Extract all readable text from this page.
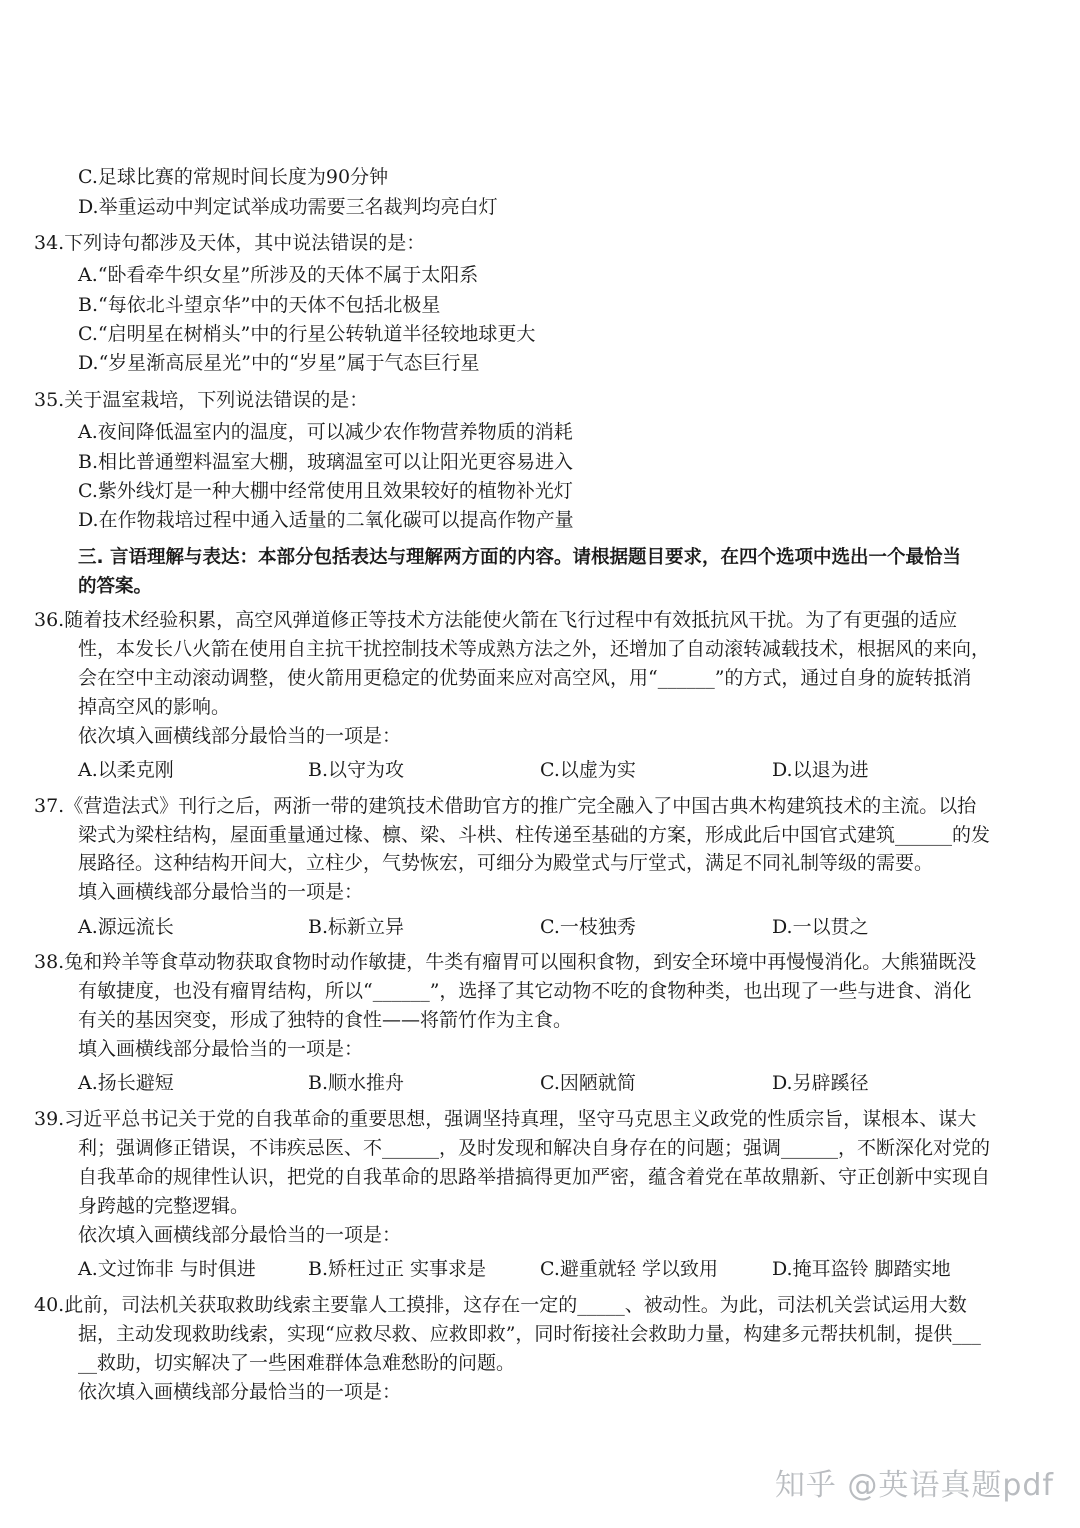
C.足球比赛的常规时间长度为90分钟
D.举重运动中判定试举成功需要三名裁判均亮白灯
34.下列诗句都涉及天体，其中说法错误的是：
A.“卧看牵牛织女星”所涉及的天体不属于太阳系
B.“每依北斗望京华”中的天体不包括北极星
C.“启明星在树梢头”中的行星公转轨道半径较地球更大
D.“岁星渐高辰星光”中的“岁星”属于气态巨行星
35.关于温室栽培，下列说法错误的是：
A.夜间降低温室内的温度，可以减少农作物营养物质的消耗
B.相比普通塑料温室大棚，玻璃温室可以让阳光更容易进入
C.紫外线灯是一种大棚中经常使用且效果较好的植物补光灯
D.在作物栽培过程中通入适量的二氧化碳可以提高作物产量
三. 言语理解与表达：本部分包括表达与理解两方面的内容。请根据题目要求，在四个选项中选出一个最恰当
的答案。
36.随着技术经验积累，高空风弹道修正等技术方法能使火箭在飞行过程中有效抵抗风干扰。为了有更强的适应
性，本发长八火箭在使用自主抗干扰控制技术等成熟方法之外，还增加了自动滚转减载技术，根据风的来向，
会在空中主动滚动调整，使火箭用更稳定的优势面来应对高空风，用“______”的方式，通过自身的旋转抵消
掉高空风的影响。
依次填入画横线部分最恰当的一项是：
A.以柔克刚	B.以守为攻	C.以虚为实	D.以退为进
37.《营造法式》刊行之后，两浙一带的建筑技术借助官方的推广完全融入了中国古典木构建筑技术的主流。以抬
梁式为梁柱结构，屋面重量通过椽、檩、梁、斗栱、柱传递至基础的方案，形成此后中国官式建筑______的发
展路径。这种结构开间大，立柱少，气势恢宏，可细分为殿堂式与厅堂式，满足不同礼制等级的需要。
填入画横线部分最恰当的一项是：
A.源远流长	B.标新立异	C.一枝独秀	D.一以贯之
38.兔和羚羊等食草动物获取食物时动作敏捷，牛类有瘤胃可以囤积食物，到安全环境中再慢慢消化。大熊猫既没
有敏捷度，也没有瘤胃结构，所以“______”，选择了其它动物不吃的食物种类，也出现了一些与进食、消化
有关的基因突变，形成了独特的食性——将箭竹作为主食。
填入画横线部分最恰当的一项是：
A.扬长避短	B.顺水推舟	C.因陋就简	D.另辟蹊径
39.习近平总书记关于党的自我革命的重要思想，强调坚持真理，坚守马克思主义政党的性质宗旨，谋根本、谋大
利；强调修正错误，不讳疾忌医、不______，及时发现和解决自身存在的问题；强调______，不断深化对党的
自我革命的规律性认识，把党的自我革命的思路举措搞得更加严密，蕴含着党在革故鼎新、守正创新中实现自
身跨越的完整逻辑。
依次填入画横线部分最恰当的一项是：
A.文过饰非 与时俱进	B.矫枉过正 实事求是	C.避重就轻 学以致用	D.掩耳盗铃 脚踏实地
40.此前，司法机关获取救助线索主要靠人工摸排，这存在一定的_____、被动性。为此，司法机关尝试运用大数
据，主动发现救助线索，实现“应救尽救、应救即救”，同时衔接社会救助力量，构建多元帮扶机制，提供___
__救助，切实解决了一些困难群体急难愁盼的问题。
依次填入画横线部分最恰当的一项是：
知乎 @英语真题pdf
